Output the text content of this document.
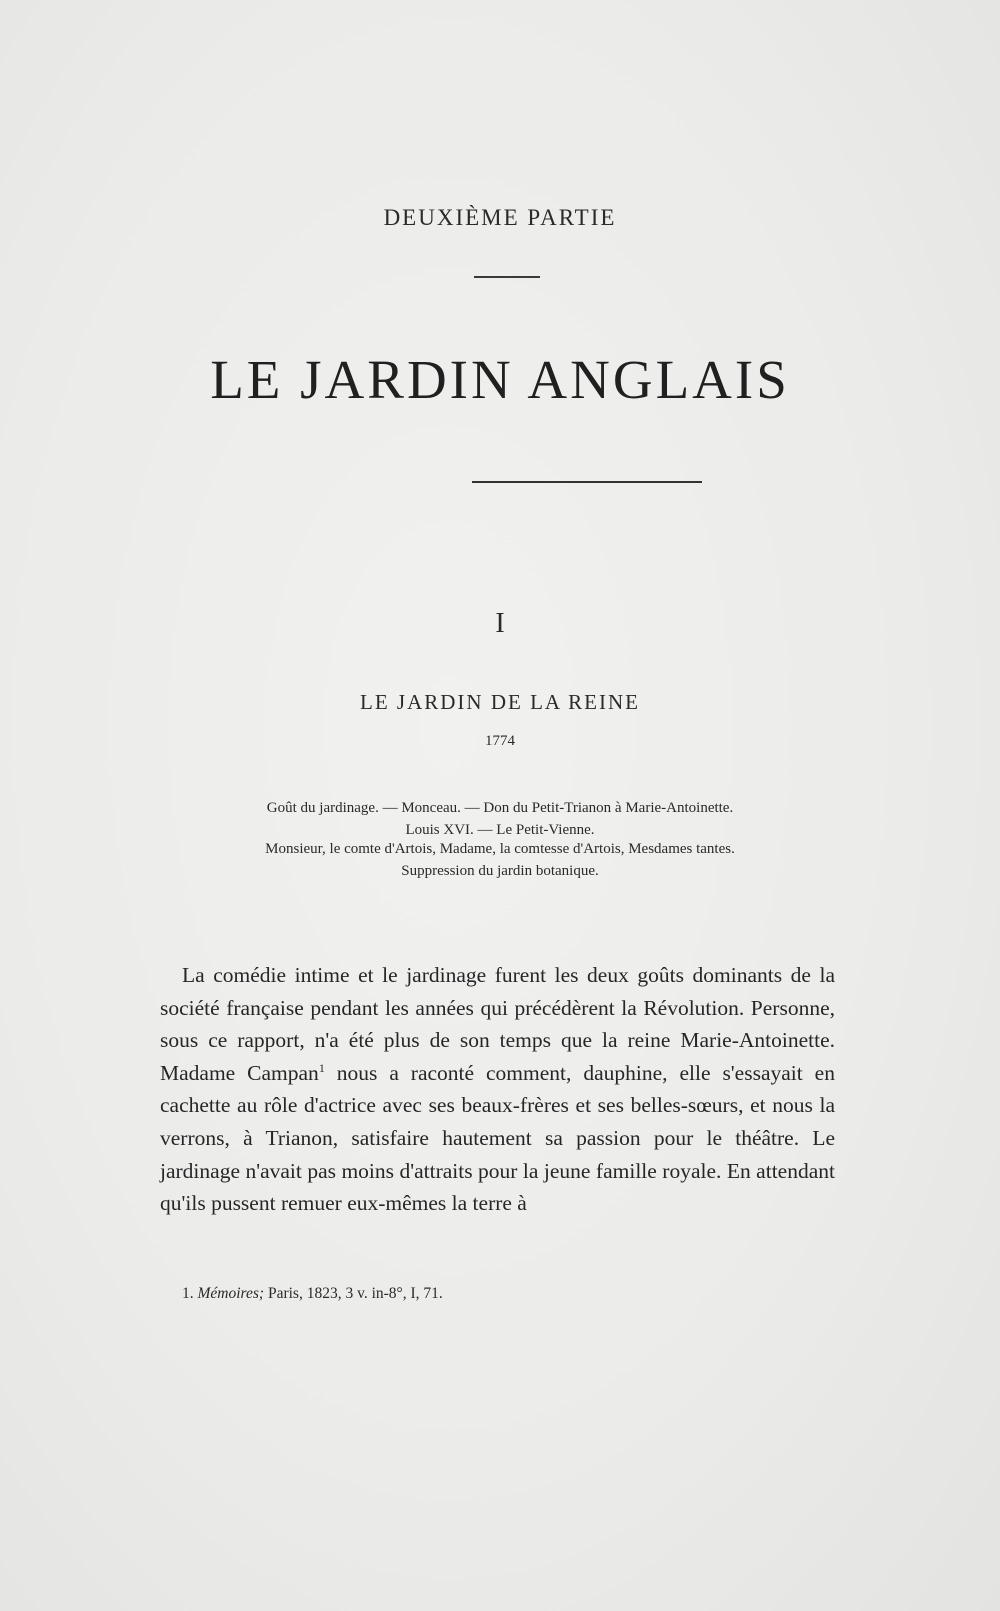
DEUXIÈME PARTIE
LE JARDIN ANGLAIS
I
LE JARDIN DE LA REINE
1774

Goût du jardinage. — Monceau. — Don du Petit-Trianon à Marie-Antoinette.

Louis XVI. — Le Petit-Vienne.

Monsieur, le comte d'Artois, Madame, la comtesse d'Artois, Mesdames tantes.

Suppression du jardin botanique.

La comédie intime et le jardinage furent les deux goûts dominants de la société française pendant les années qui précédèrent la Révolution. Personne, sous ce rapport, n'a été plus de son temps que la reine Marie-Antoinette. Madame Campan$^1$ nous a raconté comment, dauphine, elle s'essayait en cachette au rôle d'actrice avec ses beaux-frères et ses belles-sœurs, et nous la verrons, à Trianon, satisfaire hautement sa passion pour le théâtre. Le jardinage n'avait pas moins d'attraits pour la jeune famille royale. En attendant qu'ils pussent remuer eux-mêmes la terre à

1. Mémoires; Paris, 1823, 3 v. in-8°, I, 71.
